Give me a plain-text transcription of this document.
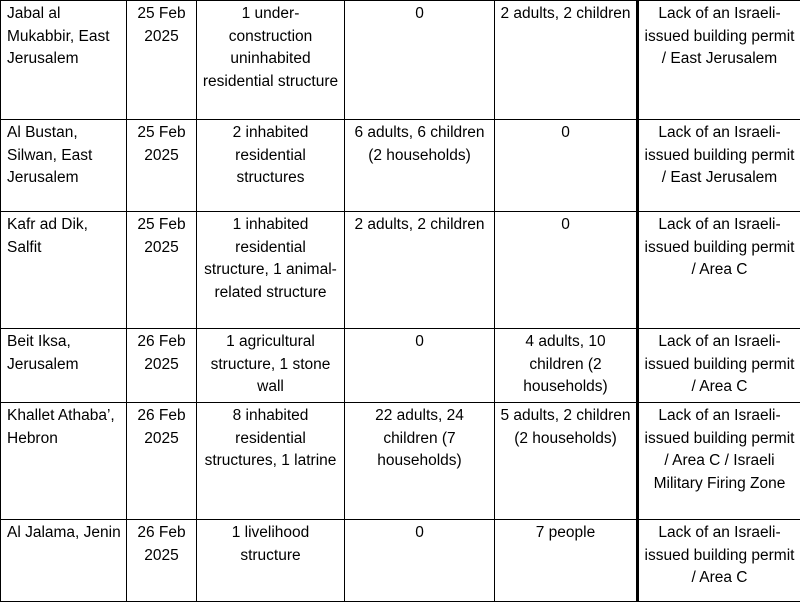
Jabal al Mukabbir, East Jerusalem	25 Feb 2025	1 under-construction uninhabited residential structure	0	2 adults, 2 children	Lack of an Israeli-issued building permit / East Jerusalem

Al Bustan, Silwan, East Jerusalem	25 Feb 2025	2 inhabited residential structures	6 adults, 6 children (2 households)	0	Lack of an Israeli-issued building permit / East Jerusalem

Kafr ad Dik, Salfit	25 Feb 2025	1 inhabited residential structure, 1 animal-related structure	2 adults, 2 children	0	Lack of an Israeli-issued building permit / Area C

Beit Iksa, Jerusalem	26 Feb 2025	1 agricultural structure, 1 stone wall	0	4 adults, 10 children (2 households)	Lack of an Israeli-issued building permit / Area C

Khallet Athaba’, Hebron	26 Feb 2025	8 inhabited residential structures, 1 latrine	22 adults, 24 children (7 households)	5 adults, 2 children (2 households)	Lack of an Israeli-issued building permit / Area C / Israeli Military Firing Zone

Al Jalama, Jenin	26 Feb 2025	1 livelihood structure	0	7 people	Lack of an Israeli-issued building permit / Area C
